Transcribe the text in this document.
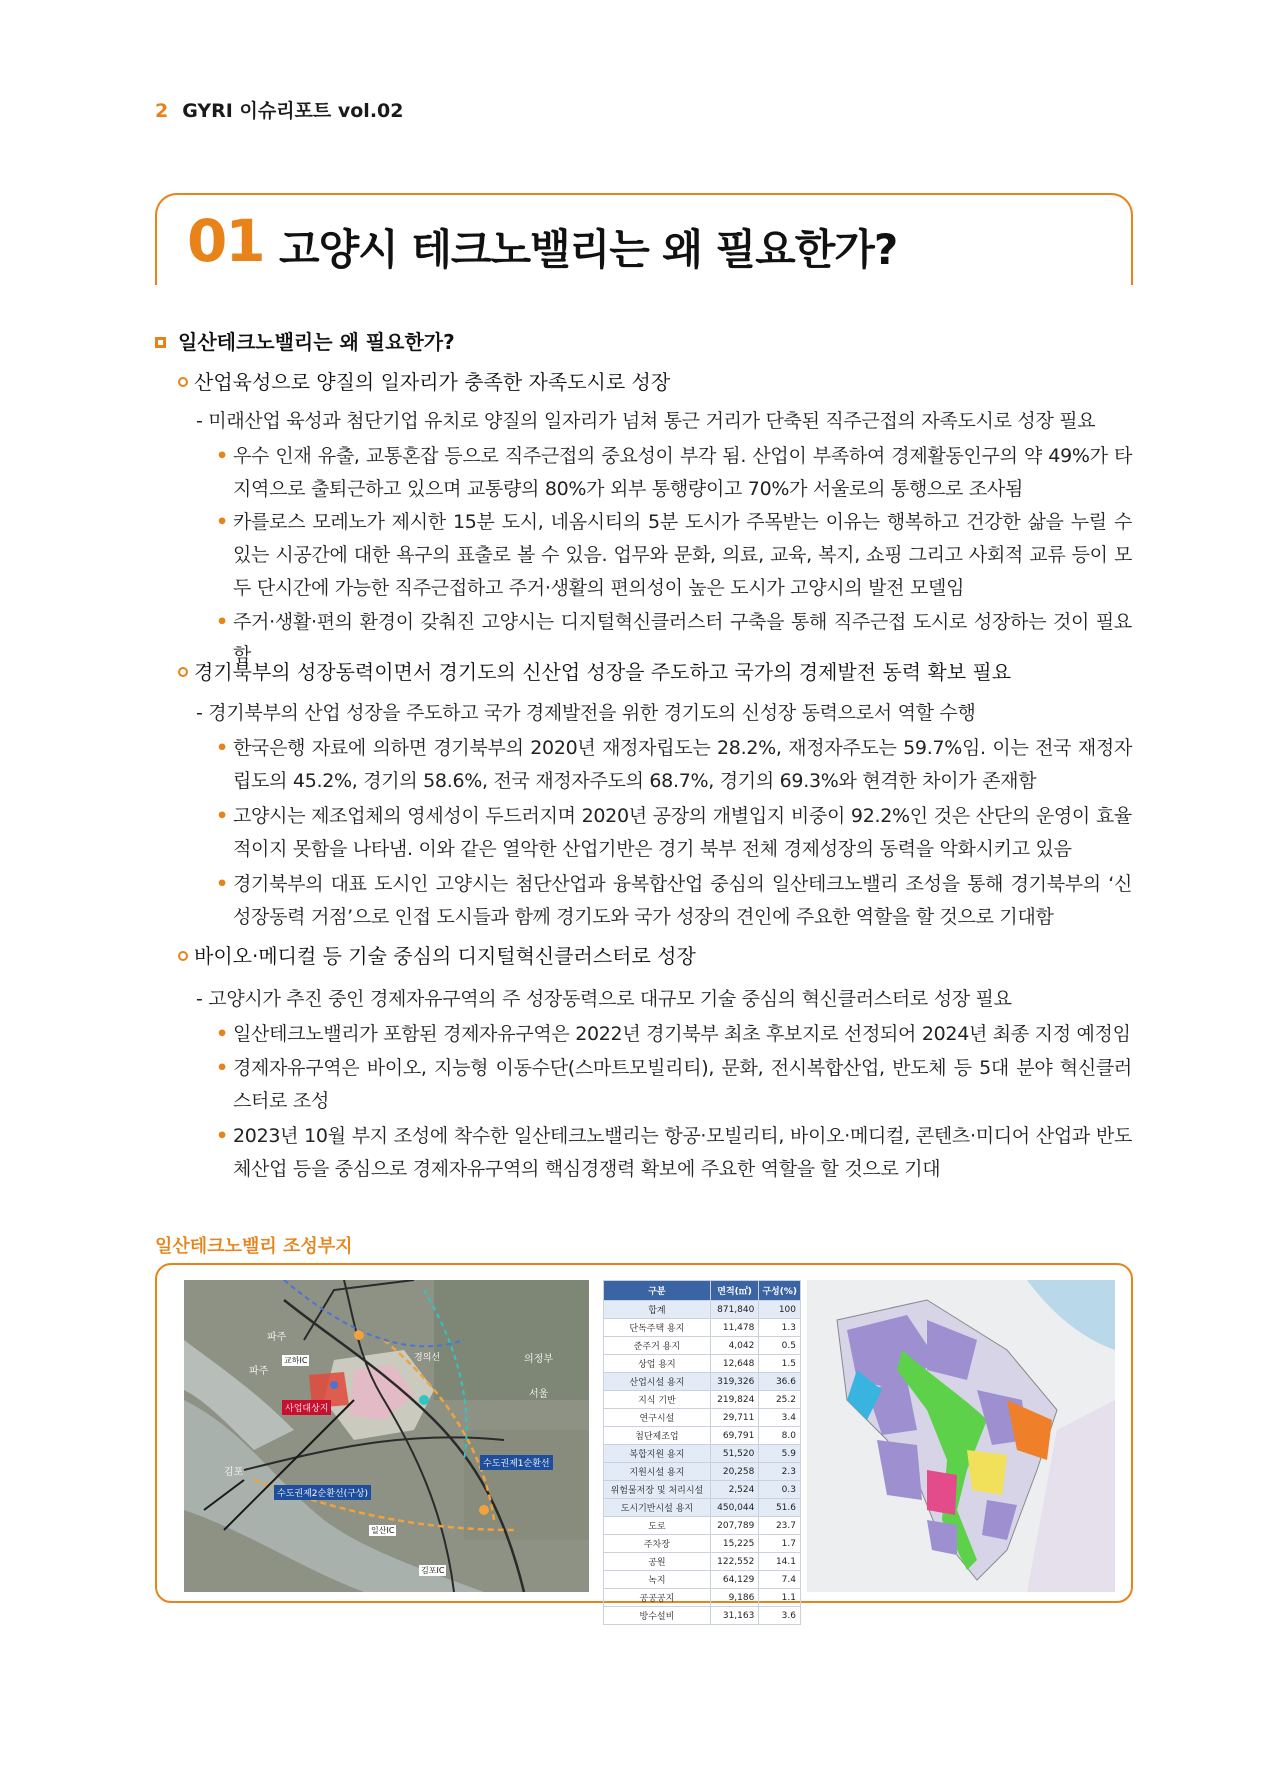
2 GYRI 이슈리포트 vol.02
01 고양시 테크노밸리는 왜 필요한가?
일산테크노밸리는 왜 필요한가?
산업육성으로 양질의 일자리가 충족한 자족도시로 성장
- 미래산업 육성과 첨단기업 유치로 양질의 일자리가 넘쳐 통근 거리가 단축된 직주근접의 자족도시로 성장 필요
• 우수 인재 유출, 교통혼잡 등으로 직주근접의 중요성이 부각 됨. 산업이 부족하여 경제활동인구의 약 49%가 타지역으로 출퇴근하고 있으며 교통량의 80%가 외부 통행량이고 70%가 서울로의 통행으로 조사됨
• 카를로스 모레노가 제시한 15분 도시, 네옴시티의 5분 도시가 주목받는 이유는 행복하고 건강한 삶을 누릴 수 있는 시공간에 대한 욕구의 표출로 볼 수 있음. 업무와 문화, 의료, 교육, 복지, 쇼핑 그리고 사회적 교류 등이 모두 단시간에 가능한 직주근접하고 주거·생활의 편의성이 높은 도시가 고양시의 발전 모델임
• 주거·생활·편의 환경이 갖춰진 고양시는 디지털혁신클러스터 구축을 통해 직주근접 도시로 성장하는 것이 필요함
경기북부의 성장동력이면서 경기도의 신산업 성장을 주도하고 국가의 경제발전 동력 확보 필요
- 경기북부의 산업 성장을 주도하고 국가 경제발전을 위한 경기도의 신성장 동력으로서 역할 수행
• 한국은행 자료에 의하면 경기북부의 2020년 재정자립도는 28.2%, 재정자주도는 59.7%임. 이는 전국 재정자립도의 45.2%, 경기의 58.6%, 전국 재정자주도의 68.7%, 경기의 69.3%와 현격한 차이가 존재함
• 고양시는 제조업체의 영세성이 두드러지며 2020년 공장의 개별입지 비중이 92.2%인 것은 산단의 운영이 효율적이지 못함을 나타냄. 이와 같은 열악한 산업기반은 경기 북부 전체 경제성장의 동력을 악화시키고 있음
• 경기북부의 대표 도시인 고양시는 첨단산업과 융복합산업 중심의 일산테크노밸리 조성을 통해 경기북부의 ‘신성장동력 거점’으로 인접 도시들과 함께 경기도와 국가 성장의 견인에 주요한 역할을 할 것으로 기대함
바이오·메디컬 등 기술 중심의 디지털혁신클러스터로 성장
- 고양시가 추진 중인 경제자유구역의 주 성장동력으로 대규모 기술 중심의 혁신클러스터로 성장 필요
• 일산테크노밸리가 포함된 경제자유구역은 2022년 경기북부 최초 후보지로 선정되어 2024년 최종 지정 예정임
• 경제자유구역은 바이오, 지능형 이동수단(스마트모빌리티), 문화, 전시복합산업, 반도체 등 5대 분야 혁신클러스터로 조성
• 2023년 10월 부지 조성에 착수한 일산테크노밸리는 항공·모빌리티, 바이오·메디컬, 콘텐츠·미디어 산업과 반도체산업 등을 중심으로 경제자유구역의 핵심경쟁력 확보에 주요한 역할을 할 것으로 기대
일산테크노밸리 조성부지
파주
파주
의정부
서울
김포
사업대상지
수도권제2순환선(구상)
수도권제1순환선
교하IC
일산IC
김포IC
경의선
구분	면적(㎡)	구성(%)
합계	871,840	100
단독주택 용지	11,478	1.3
준주거 용지	4,042	0.5
상업 용지	12,648	1.5
산업시설 용지	319,326	36.6
지식 기반	219,824	25.2
연구시설	29,711	3.4
첨단제조업	69,791	8.0
복합지원 용지	51,520	5.9
지원시설 용지	20,258	2.3
위험물저장 및 처리시설	2,524	0.3
도시기반시설 용지	450,044	51.6
도로	207,789	23.7
주차장	15,225	1.7
공원	122,552	14.1
녹지	64,129	7.4
공공공지	9,186	1.1
방수설비	31,163	3.6
